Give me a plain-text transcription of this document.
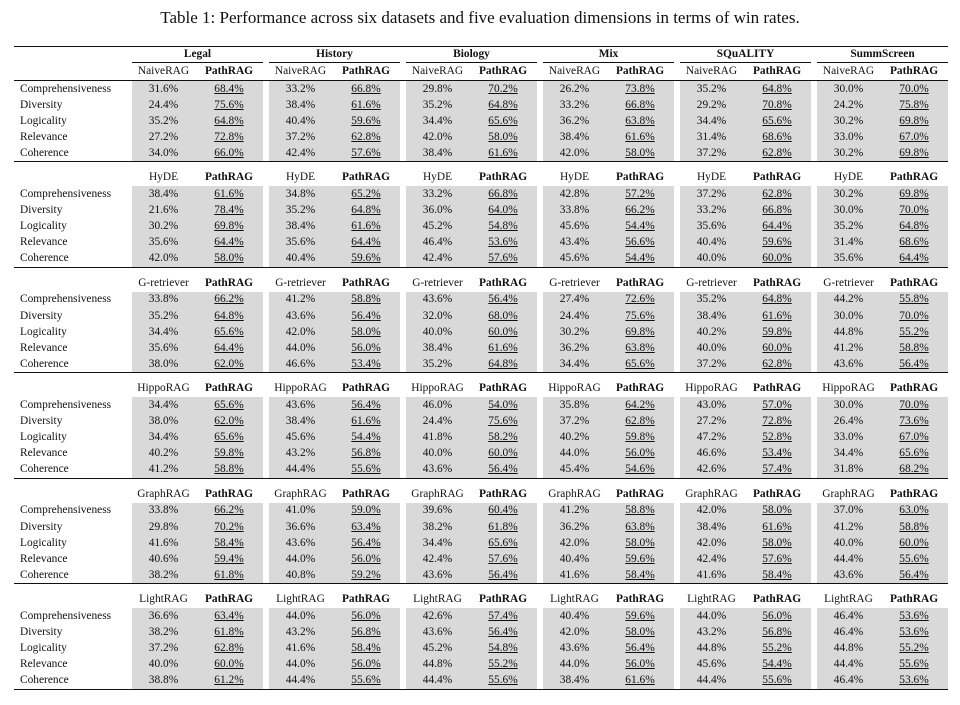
Table 1: Performance across six datasets and five evaluation dimensions in terms of win rates.
		Legal			History			Biology			Mix			SQuALITY			SummScreen	
		NaiveRAG	PathRAG		NaiveRAG	PathRAG		NaiveRAG	PathRAG		NaiveRAG	PathRAG		NaiveRAG	PathRAG		NaiveRAG	PathRAG
Comprehensiveness		31.6%	68.4%		33.2%	66.8%		29.8%	70.2%		26.2%	73.8%		35.2%	64.8%		30.0%	70.0%
Diversity		24.4%	75.6%		38.4%	61.6%		35.2%	64.8%		33.2%	66.8%		29.2%	70.8%		24.2%	75.8%
Logicality		35.2%	64.8%		40.4%	59.6%		34.4%	65.6%		36.2%	63.8%		34.4%	65.6%		30.2%	69.8%
Relevance		27.2%	72.8%		37.2%	62.8%		42.0%	58.0%		38.4%	61.6%		31.4%	68.6%		33.0%	67.0%
Coherence		34.0%	66.0%		42.4%	57.6%		38.4%	61.6%		42.0%	58.0%		37.2%	62.8%		30.2%	69.8%

		HyDE	PathRAG		HyDE	PathRAG		HyDE	PathRAG		HyDE	PathRAG		HyDE	PathRAG		HyDE	PathRAG
Comprehensiveness		38.4%	61.6%		34.8%	65.2%		33.2%	66.8%		42.8%	57.2%		37.2%	62.8%		30.2%	69.8%
Diversity		21.6%	78.4%		35.2%	64.8%		36.0%	64.0%		33.8%	66.2%		33.2%	66.8%		30.0%	70.0%
Logicality		30.2%	69.8%		38.4%	61.6%		45.2%	54.8%		45.6%	54.4%		35.6%	64.4%		35.2%	64.8%
Relevance		35.6%	64.4%		35.6%	64.4%		46.4%	53.6%		43.4%	56.6%		40.4%	59.6%		31.4%	68.6%
Coherence		42.0%	58.0%		40.4%	59.6%		42.4%	57.6%		45.6%	54.4%		40.0%	60.0%		35.6%	64.4%

		G-retriever	PathRAG		G-retriever	PathRAG		G-retriever	PathRAG		G-retriever	PathRAG		G-retriever	PathRAG		G-retriever	PathRAG
Comprehensiveness		33.8%	66.2%		41.2%	58.8%		43.6%	56.4%		27.4%	72.6%		35.2%	64.8%		44.2%	55.8%
Diversity		35.2%	64.8%		43.6%	56.4%		32.0%	68.0%		24.4%	75.6%		38.4%	61.6%		30.0%	70.0%
Logicality		34.4%	65.6%		42.0%	58.0%		40.0%	60.0%		30.2%	69.8%		40.2%	59.8%		44.8%	55.2%
Relevance		35.6%	64.4%		44.0%	56.0%		38.4%	61.6%		36.2%	63.8%		40.0%	60.0%		41.2%	58.8%
Coherence		38.0%	62.0%		46.6%	53.4%		35.2%	64.8%		34.4%	65.6%		37.2%	62.8%		43.6%	56.4%

		HippoRAG	PathRAG		HippoRAG	PathRAG		HippoRAG	PathRAG		HippoRAG	PathRAG		HippoRAG	PathRAG		HippoRAG	PathRAG
Comprehensiveness		34.4%	65.6%		43.6%	56.4%		46.0%	54.0%		35.8%	64.2%		43.0%	57.0%		30.0%	70.0%
Diversity		38.0%	62.0%		38.4%	61.6%		24.4%	75.6%		37.2%	62.8%		27.2%	72.8%		26.4%	73.6%
Logicality		34.4%	65.6%		45.6%	54.4%		41.8%	58.2%		40.2%	59.8%		47.2%	52.8%		33.0%	67.0%
Relevance		40.2%	59.8%		43.2%	56.8%		40.0%	60.0%		44.0%	56.0%		46.6%	53.4%		34.4%	65.6%
Coherence		41.2%	58.8%		44.4%	55.6%		43.6%	56.4%		45.4%	54.6%		42.6%	57.4%		31.8%	68.2%

		GraphRAG	PathRAG		GraphRAG	PathRAG		GraphRAG	PathRAG		GraphRAG	PathRAG		GraphRAG	PathRAG		GraphRAG	PathRAG
Comprehensiveness		33.8%	66.2%		41.0%	59.0%		39.6%	60.4%		41.2%	58.8%		42.0%	58.0%		37.0%	63.0%
Diversity		29.8%	70.2%		36.6%	63.4%		38.2%	61.8%		36.2%	63.8%		38.4%	61.6%		41.2%	58.8%
Logicality		41.6%	58.4%		43.6%	56.4%		34.4%	65.6%		42.0%	58.0%		42.0%	58.0%		40.0%	60.0%
Relevance		40.6%	59.4%		44.0%	56.0%		42.4%	57.6%		40.4%	59.6%		42.4%	57.6%		44.4%	55.6%
Coherence		38.2%	61.8%		40.8%	59.2%		43.6%	56.4%		41.6%	58.4%		41.6%	58.4%		43.6%	56.4%

		LightRAG	PathRAG		LightRAG	PathRAG		LightRAG	PathRAG		LightRAG	PathRAG		LightRAG	PathRAG		LightRAG	PathRAG
Comprehensiveness		36.6%	63.4%		44.0%	56.0%		42.6%	57.4%		40.4%	59.6%		44.0%	56.0%		46.4%	53.6%
Diversity		38.2%	61.8%		43.2%	56.8%		43.6%	56.4%		42.0%	58.0%		43.2%	56.8%		46.4%	53.6%
Logicality		37.2%	62.8%		41.6%	58.4%		45.2%	54.8%		43.6%	56.4%		44.8%	55.2%		44.8%	55.2%
Relevance		40.0%	60.0%		44.0%	56.0%		44.8%	55.2%		44.0%	56.0%		45.6%	54.4%		44.4%	55.6%
Coherence		38.8%	61.2%		44.4%	55.6%		44.4%	55.6%		38.4%	61.6%		44.4%	55.6%		46.4%	53.6%
